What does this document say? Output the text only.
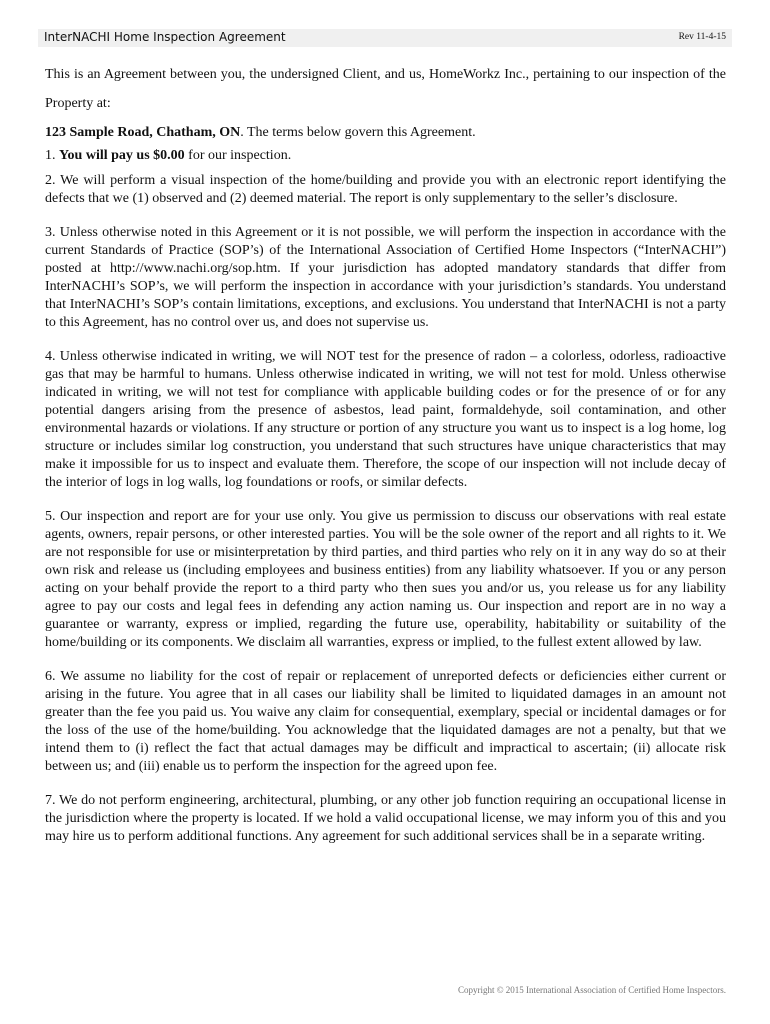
InterNACHI Home Inspection Agreement	Rev 11-4-15

This is an Agreement between you, the undersigned Client, and us, HomeWorkz Inc., pertaining to our inspection of the Property at:

123 Sample Road, Chatham, ON. The terms below govern this Agreement.

1. You will pay us $0.00 for our inspection.

2. We will perform a visual inspection of the home/building and provide you with an electronic report identifying the defects that we (1) observed and (2) deemed material. The report is only supplementary to the seller’s disclosure.

3. Unless otherwise noted in this Agreement or it is not possible, we will perform the inspection in accordance with the current Standards of Practice (SOP’s) of the International Association of Certified Home Inspectors (“InterNACHI”) posted at http://www.nachi.org/sop.htm. If your jurisdiction has adopted mandatory standards that differ from InterNACHI’s SOP’s, we will perform the inspection in accordance with your jurisdiction’s standards. You understand that InterNACHI’s SOP’s contain limitations, exceptions, and exclusions. You understand that InterNACHI is not a party to this Agreement, has no control over us, and does not supervise us.

4. Unless otherwise indicated in writing, we will NOT test for the presence of radon – a colorless, odorless, radioactive gas that may be harmful to humans. Unless otherwise indicated in writing, we will not test for mold. Unless otherwise indicated in writing, we will not test for compliance with applicable building codes or for the presence of or for any potential dangers arising from the presence of asbestos, lead paint, formaldehyde, soil contamination, and other environmental hazards or violations. If any structure or portion of any structure you want us to inspect is a log home, log structure or includes similar log construction, you understand that such structures have unique characteristics that may make it impossible for us to inspect and evaluate them. Therefore, the scope of our inspection will not include decay of the interior of logs in log walls, log foundations or roofs, or similar defects.

5. Our inspection and report are for your use only. You give us permission to discuss our observations with real estate agents, owners, repair persons, or other interested parties. You will be the sole owner of the report and all rights to it. We are not responsible for use or misinterpretation by third parties, and third parties who rely on it in any way do so at their own risk and release us (including employees and business entities) from any liability whatsoever. If you or any person acting on your behalf provide the report to a third party who then sues you and/or us, you release us for any liability agree to pay our costs and legal fees in defending any action naming us. Our inspection and report are in no way a guarantee or warranty, express or implied, regarding the future use, operability, habitability or suitability of the home/building or its components. We disclaim all warranties, express or implied, to the fullest extent allowed by law.

6. We assume no liability for the cost of repair or replacement of unreported defects or deficiencies either current or arising in the future. You agree that in all cases our liability shall be limited to liquidated damages in an amount not greater than the fee you paid us. You waive any claim for consequential, exemplary, special or incidental damages or for the loss of the use of the home/building. You acknowledge that the liquidated damages are not a penalty, but that we intend them to (i) reflect the fact that actual damages may be difficult and impractical to ascertain; (ii) allocate risk between us; and (iii) enable us to perform the inspection for the agreed upon fee.

7. We do not perform engineering, architectural, plumbing, or any other job function requiring an occupational license in the jurisdiction where the property is located. If we hold a valid occupational license, we may inform you of this and you may hire us to perform additional functions. Any agreement for such additional services shall be in a separate writing.

Copyright © 2015 International Association of Certified Home Inspectors.
